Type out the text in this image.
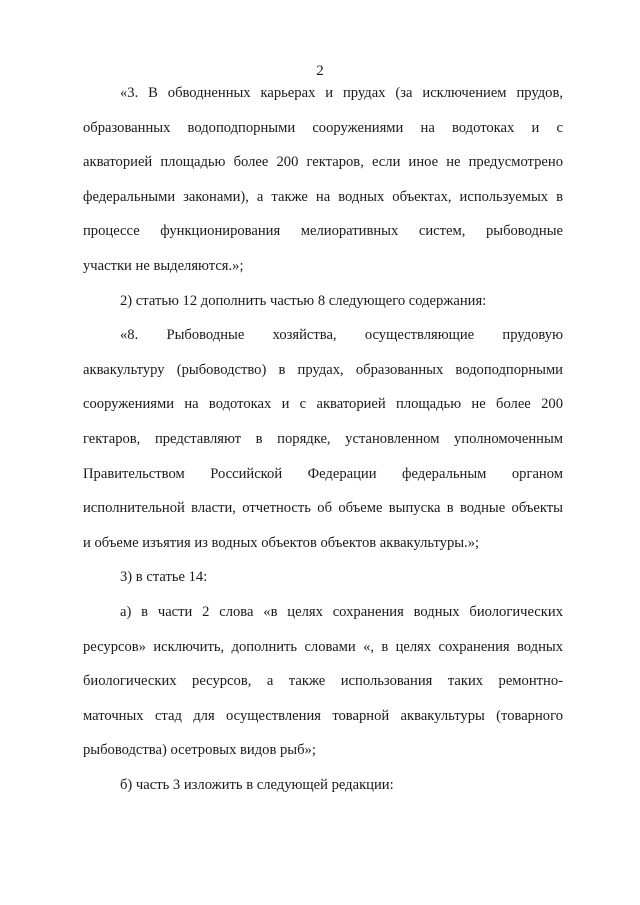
2
«3. В обводненных карьерах и прудах (за исключением прудов,
образованных водоподпорными сооружениями на водотоках и с
акваторией площадью более 200 гектаров, если иное не предусмотрено
федеральными законами), а также на водных объектах, используемых в
процессе функционирования мелиоративных систем, рыбоводные
участки не выделяются.»;
2) статью 12 дополнить частью 8 следующего содержания:
«8. Рыбоводные хозяйства, осуществляющие прудовую
аквакультуру (рыбоводство) в прудах, образованных водоподпорными
сооружениями на водотоках и с акваторией площадью не более 200
гектаров, представляют в порядке, установленном уполномоченным
Правительством Российской Федерации федеральным органом
исполнительной власти, отчетность об объеме выпуска в водные объекты
и объеме изъятия из водных объектов объектов аквакультуры.»;
3) в статье 14:
а) в части 2 слова «в целях сохранения водных биологических
ресурсов» исключить, дополнить словами «, в целях сохранения водных
биологических ресурсов, а также использования таких ремонтно-
маточных стад для осуществления товарной аквакультуры (товарного
рыбоводства) осетровых видов рыб»;
б) часть 3 изложить в следующей редакции:
